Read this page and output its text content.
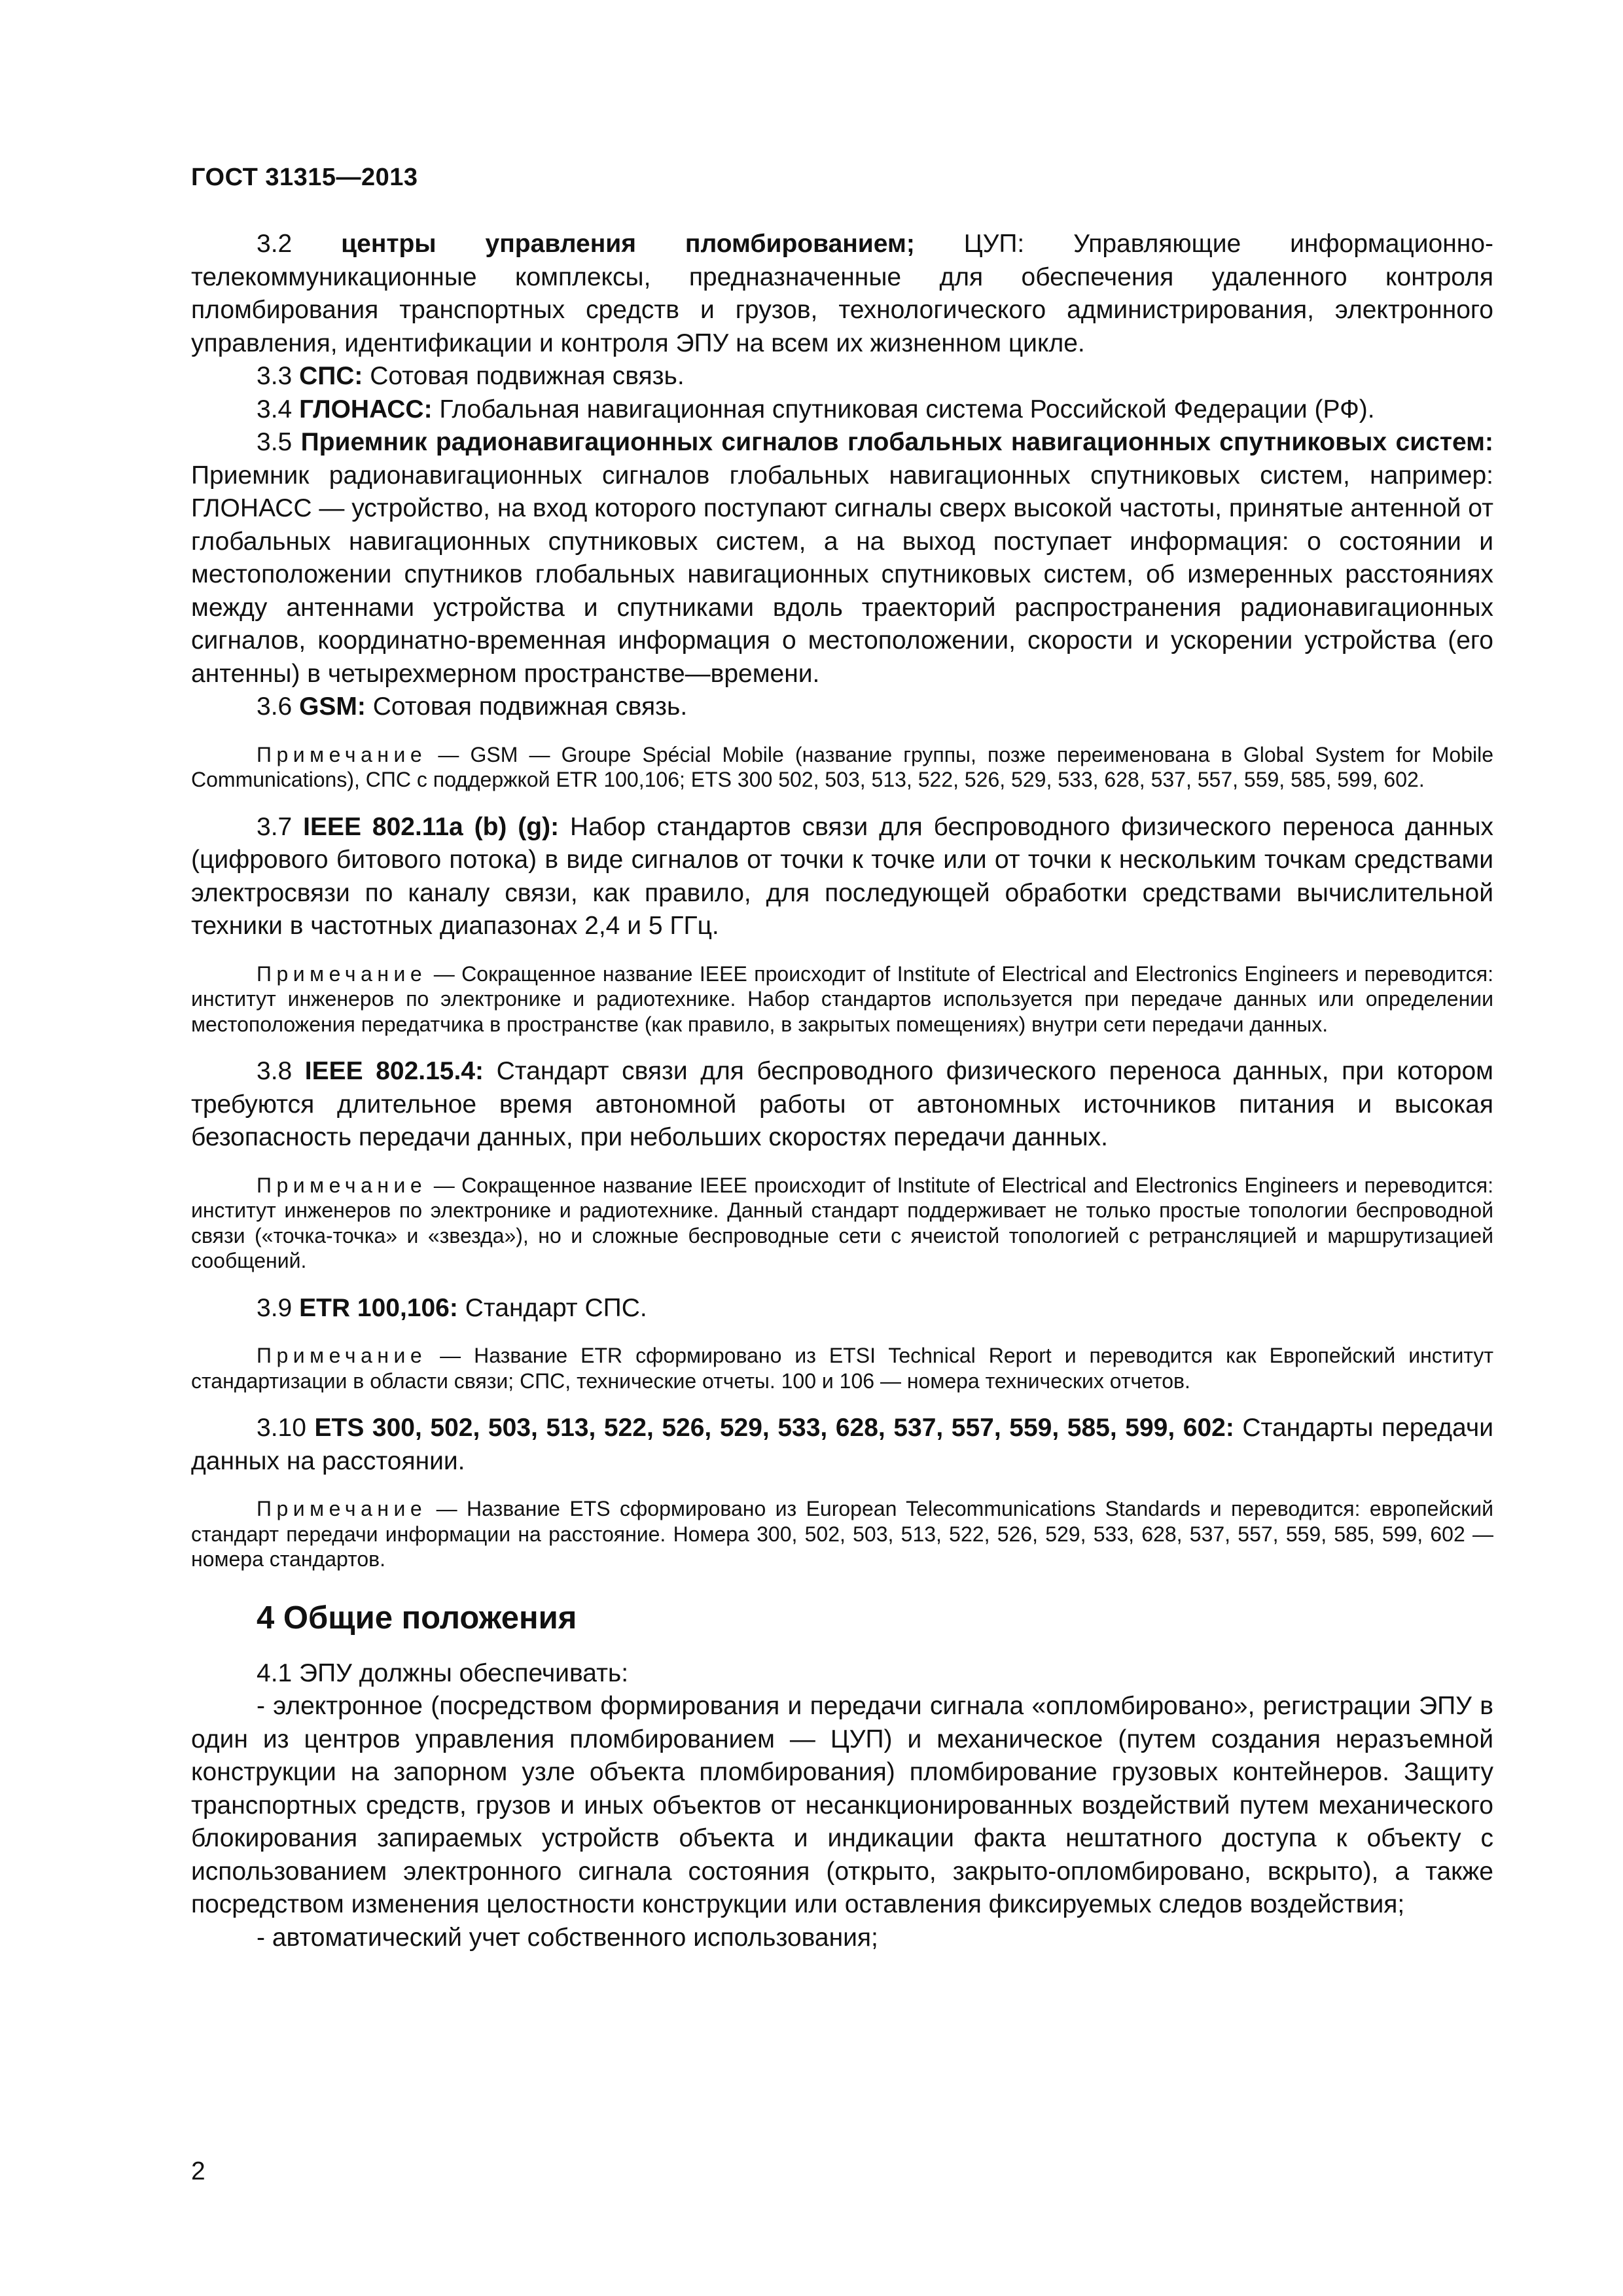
ГОСТ 31315—2013

3.2 центры управления пломбированием; ЦУП: Управляющие информационно-телекоммуникационные комплексы, предназначенные для обеспечения удаленного контроля пломбирования транспортных средств и грузов, технологического администрирования, электронного управления, идентификации и контроля ЭПУ на всем их жизненном цикле.

3.3 СПС: Сотовая подвижная связь.

3.4 ГЛОНАСС: Глобальная навигационная спутниковая система Российской Федерации (РФ).

3.5 Приемник радионавигационных сигналов глобальных навигационных спутниковых систем: Приемник радионавигационных сигналов глобальных навигационных спутниковых систем, например: ГЛОНАСС — устройство, на вход которого поступают сигналы сверх высокой частоты, принятые антенной от глобальных навигационных спутниковых систем, а на выход поступает информация: о состоянии и местоположении спутников глобальных навигационных спутниковых систем, об измеренных расстояниях между антеннами устройства и спутниками вдоль траекторий распространения радионавигационных сигналов, координатно-временная информация о местоположении, скорости и ускорении устройства (его антенны) в четырехмерном пространстве—времени.

3.6 GSM: Сотовая подвижная связь.

Примечание — GSM — Groupe Spécial Mobile (название группы, позже переименована в Global System for Mobile Communications), СПС с поддержкой ETR 100,106; ETS 300 502, 503, 513, 522, 526, 529, 533, 628, 537, 557, 559, 585, 599, 602.

3.7 IEEE 802.11a (b) (g): Набор стандартов связи для беспроводного физического переноса данных (цифрового битового потока) в виде сигналов от точки к точке или от точки к нескольким точкам средствами электросвязи по каналу связи, как правило, для последующей обработки средствами вычислительной техники в частотных диапазонах 2,4 и 5 ГГц.

Примечание — Сокращенное название IEEE происходит of Institute of Electrical and Electronics Engineers и переводится: институт инженеров по электронике и радиотехнике. Набор стандартов используется при передаче данных или определении местоположения передатчика в пространстве (как правило, в закрытых помещениях) внутри сети передачи данных.

3.8 IEEE 802.15.4: Стандарт связи для беспроводного физического переноса данных, при котором требуются длительное время автономной работы от автономных источников питания и высокая безопасность передачи данных, при небольших скоростях передачи данных.

Примечание — Сокращенное название IEEE происходит of Institute of Electrical and Electronics Engineers и переводится: институт инженеров по электронике и радиотехнике. Данный стандарт поддерживает не только простые топологии беспроводной связи («точка-точка» и «звезда»), но и сложные беспроводные сети с ячеистой топологией с ретрансляцией и маршрутизацией сообщений.

3.9 ETR 100,106: Стандарт СПС.

Примечание — Название ETR сформировано из ETSI Technical Report и переводится как Европейский институт стандартизации в области связи; СПС, технические отчеты. 100 и 106 — номера технических отчетов.

3.10 ETS 300, 502, 503, 513, 522, 526, 529, 533, 628, 537, 557, 559, 585, 599, 602: Стандарты передачи данных на расстоянии.

Примечание — Название ETS сформировано из European Telecommunications Standards и переводится: европейский стандарт передачи информации на расстояние. Номера 300, 502, 503, 513, 522, 526, 529, 533, 628, 537, 557, 559, 585, 599, 602 — номера стандартов.

4 Общие положения

4.1 ЭПУ должны обеспечивать:

- электронное (посредством формирования и передачи сигнала «опломбировано», регистрации ЭПУ в один из центров управления пломбированием — ЦУП) и механическое (путем создания неразъемной конструкции на запорном узле объекта пломбирования) пломбирование грузовых контейнеров. Защиту транспортных средств, грузов и иных объектов от несанкционированных воздействий путем механического блокирования запираемых устройств объекта и индикации факта нештатного доступа к объекту с использованием электронного сигнала состояния (открыто, закрыто-опломбировано, вскрыто), а также посредством изменения целостности конструкции или оставления фиксируемых следов воздействия;

- автоматический учет собственного использования;

2
